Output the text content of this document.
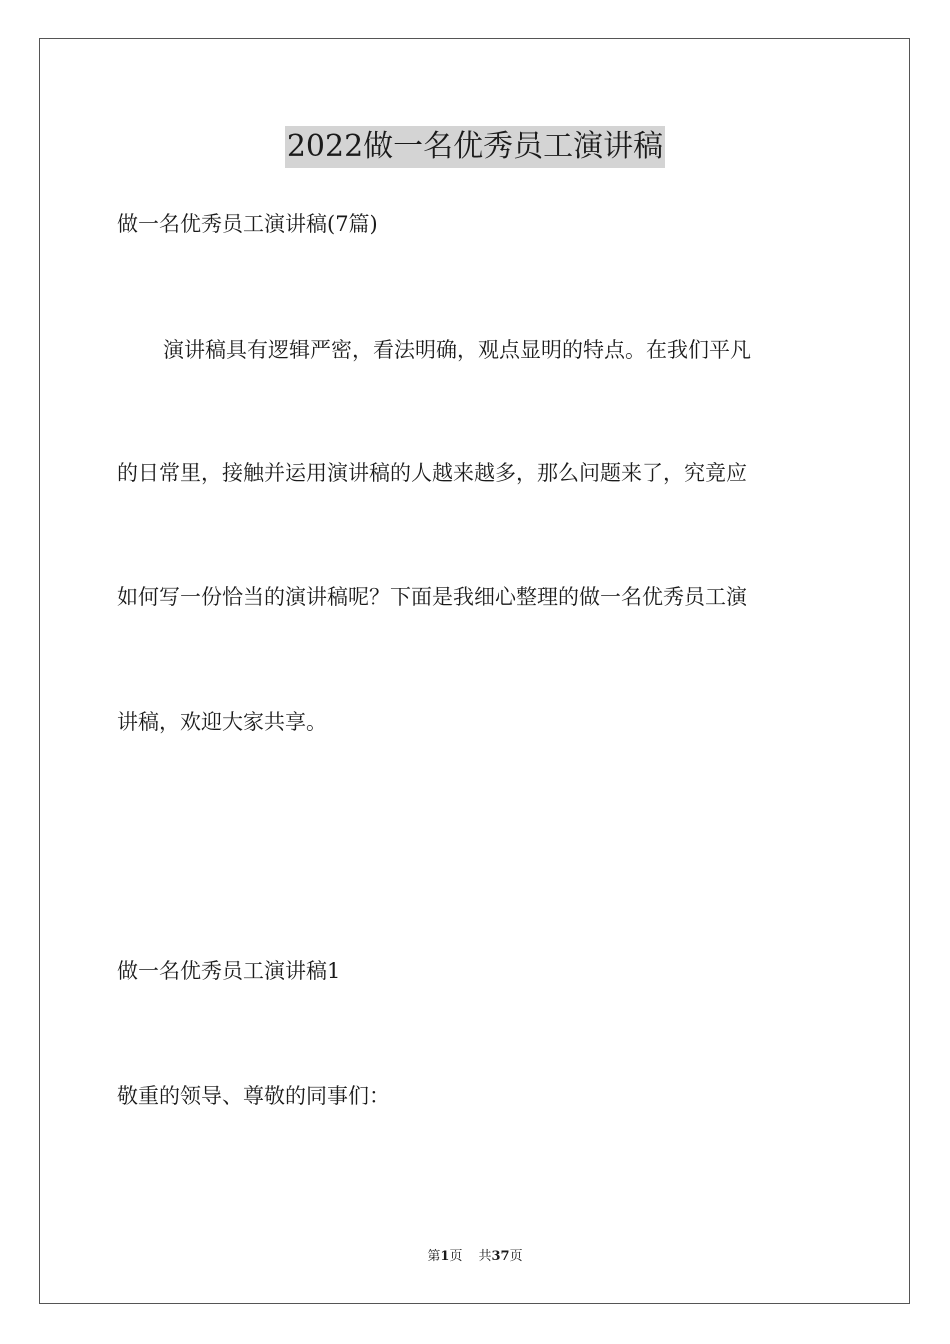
2022做一名优秀员工演讲稿
做一名优秀员工演讲稿(7篇)
演讲稿具有逻辑严密，看法明确，观点显明的特点。在我们平凡
的日常里，接触并运用演讲稿的人越来越多，那么问题来了，究竟应
如何写一份恰当的演讲稿呢？下面是我细心整理的做一名优秀员工演
讲稿，欢迎大家共享。
做一名优秀员工演讲稿1
敬重的领导、尊敬的同事们：
第1页 共37页
